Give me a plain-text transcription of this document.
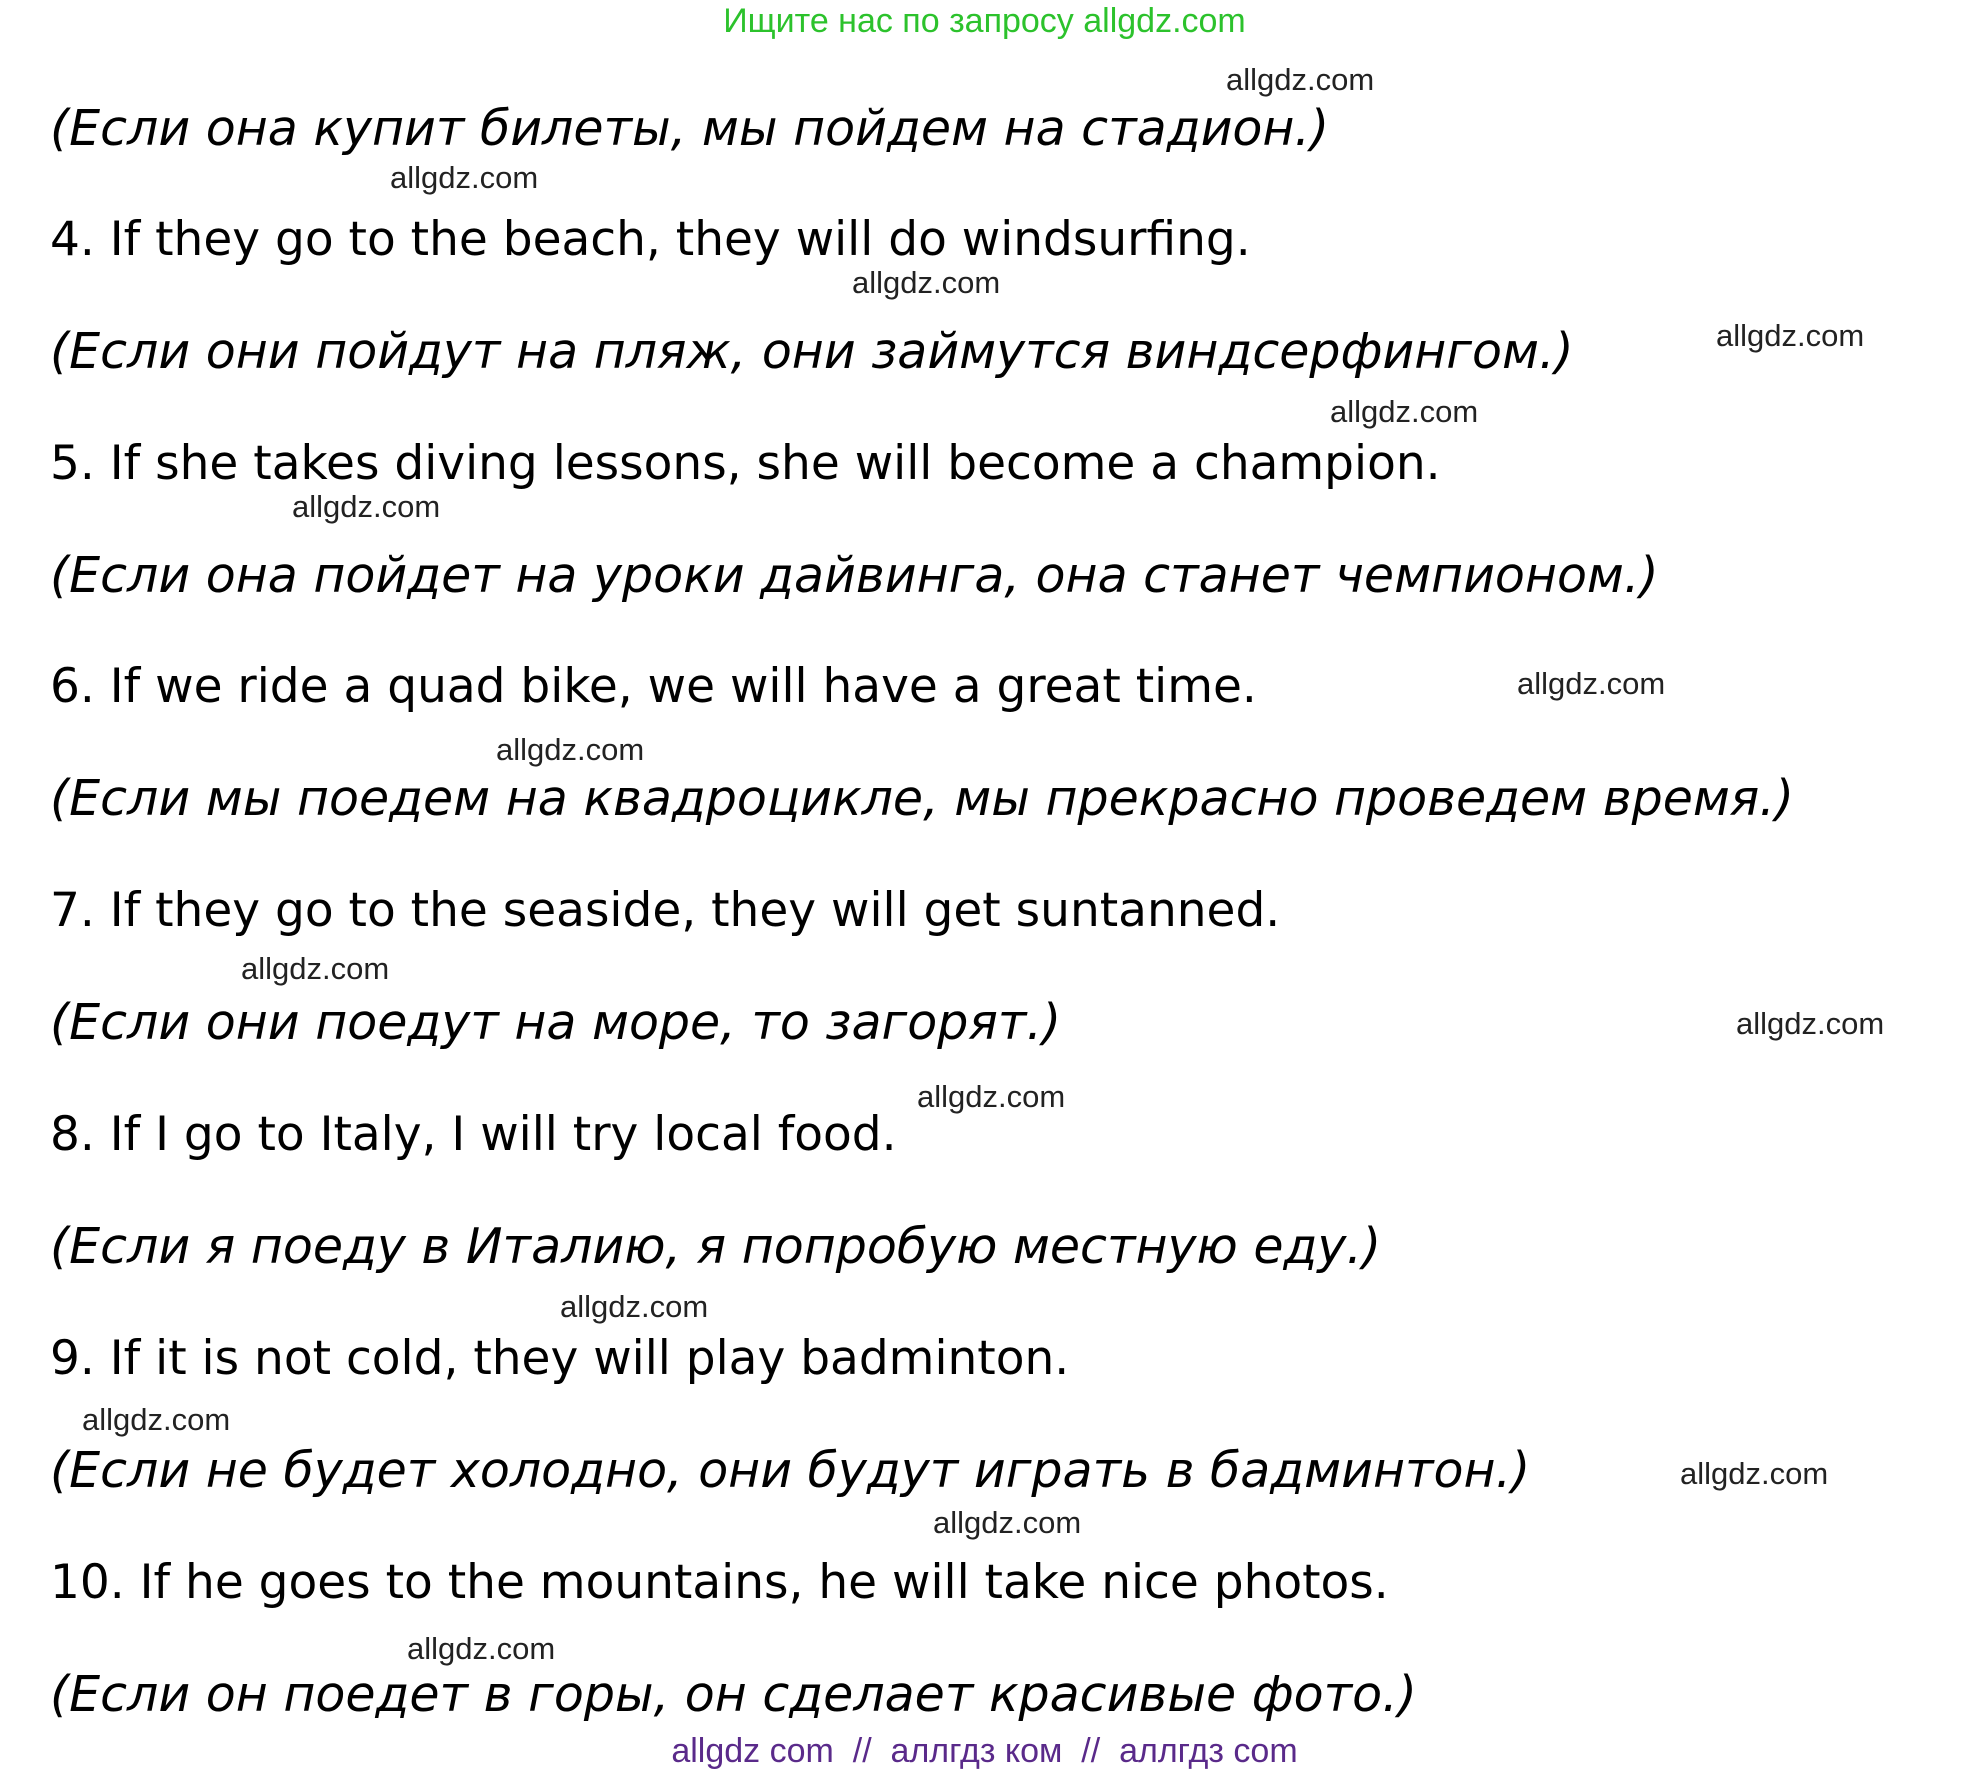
Ищите нас по запросу allgdz.com
allgdz.com
(Если она купит билеты, мы пойдем на стадион.)
allgdz.com
4. If they go to the beach, they will do windsurfing.
allgdz.com
allgdz.com
(Если они пойдут на пляж, они займутся виндсерфингом.)
allgdz.com
5. If she takes diving lessons, she will become a champion.
allgdz.com
(Если она пойдет на уроки дайвинга, она станет чемпионом.)
6. If we ride a quad bike, we will have a great time.	allgdz.com
allgdz.com
(Если мы поедем на квадроцикле, мы прекрасно проведем время.)
7. If they go to the seaside, they will get suntanned.
allgdz.com
(Если они поедут на море, то загорят.)	allgdz.com
allgdz.com
8. If I go to Italy, I will try local food.
(Если я поеду в Италию, я попробую местную еду.)
allgdz.com
9. If it is not cold, they will play badminton.
allgdz.com
(Если не будет холодно, они будут играть в бадминтон.)	allgdz.com
allgdz.com
10. If he goes to the mountains, he will take nice photos.
allgdz.com
(Если он поедет в горы, он сделает красивые фото.)
allgdz com  //  аллгдз ком  //  аллгдз com
